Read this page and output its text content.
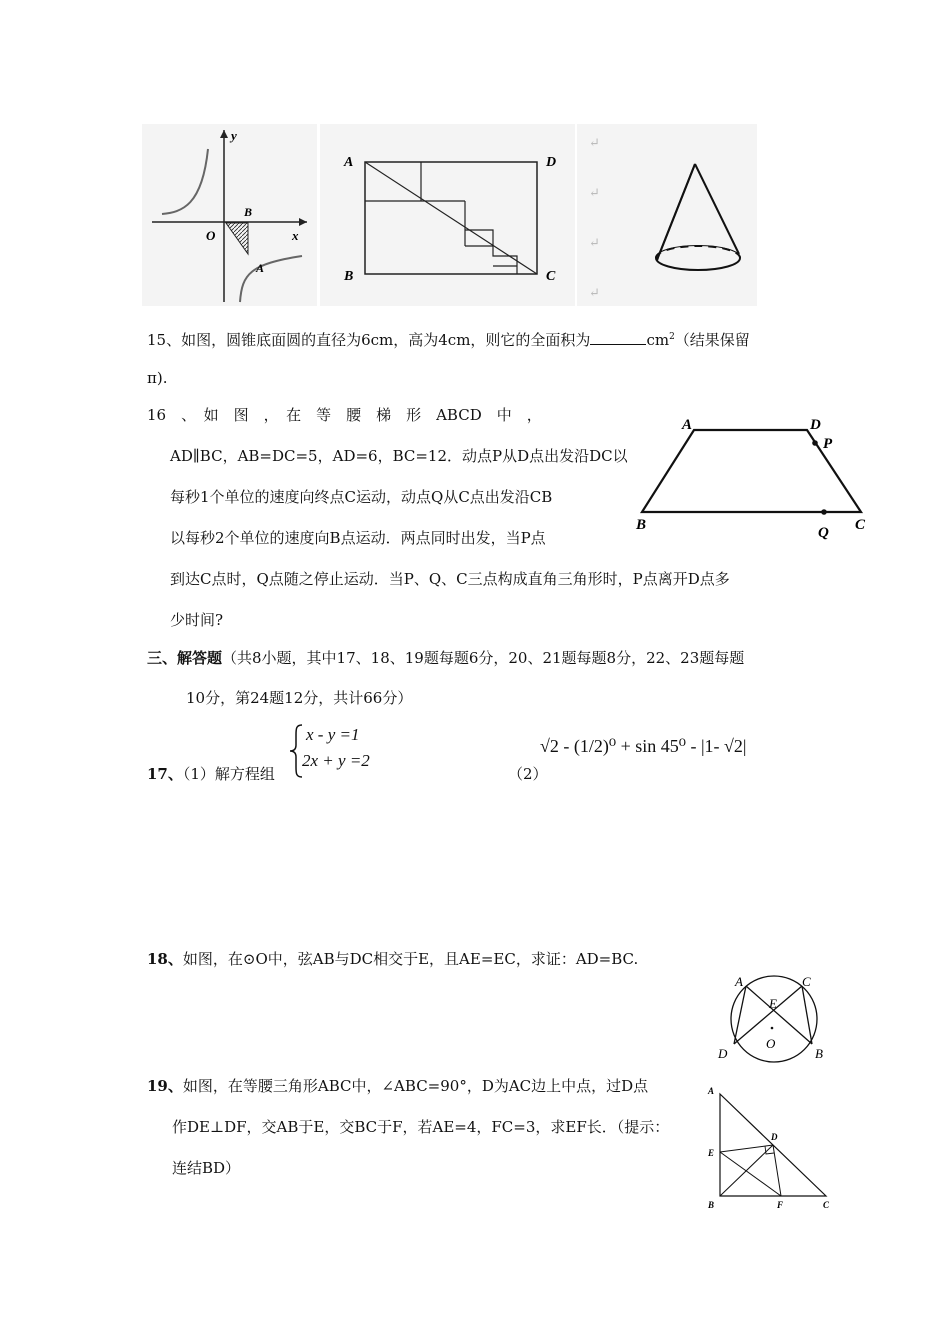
y
x
O
B
A
A	D
B	C
↵
↵
↵
↵
15、如图，圆锥底面圆的直径为6cm，高为4cm，则它的全面积为	$cm^2$（结果保留
π).
16　、　如　图　，　在　等　腰　梯　形　ABCD　中　，
AD∥BC，AB=DC=5，AD=6，BC=12．动点P从D点出发沿DC以
每秒1个单位的速度向终点C运动，动点Q从C点出发沿CB
以每秒2个单位的速度向B点运动．两点同时出发，当P点
到达C点时，Q点随之停止运动．当P、Q、C三点构成直角三角形时，P点离开D点多
少时间?
A	D
P
B	Q C
三、解答题（共8小题，其中17、18、19题每题6分，20、21题每题8分，22、23题每题
10分，第24题12分，共计66分）
17、（1）解方程组
x - y =1
2x + y =2
（2）
√2 - (1/2)⁰ + sin 45⁰ - |1- √2|
18、如图，在⊙O中，弦AB与DC相交于E，且AE=EC，求证：AD=BC.
A	C
E
O
D	B
19、如图，在等腰三角形ABC中，∠ABC=90°，D为AC边上中点，过D点
作DE⊥DF，交AB于E，交BC于F，若AE=4，FC=3，求EF长．（提示：
连结BD）
A
D
E
B	F	C
